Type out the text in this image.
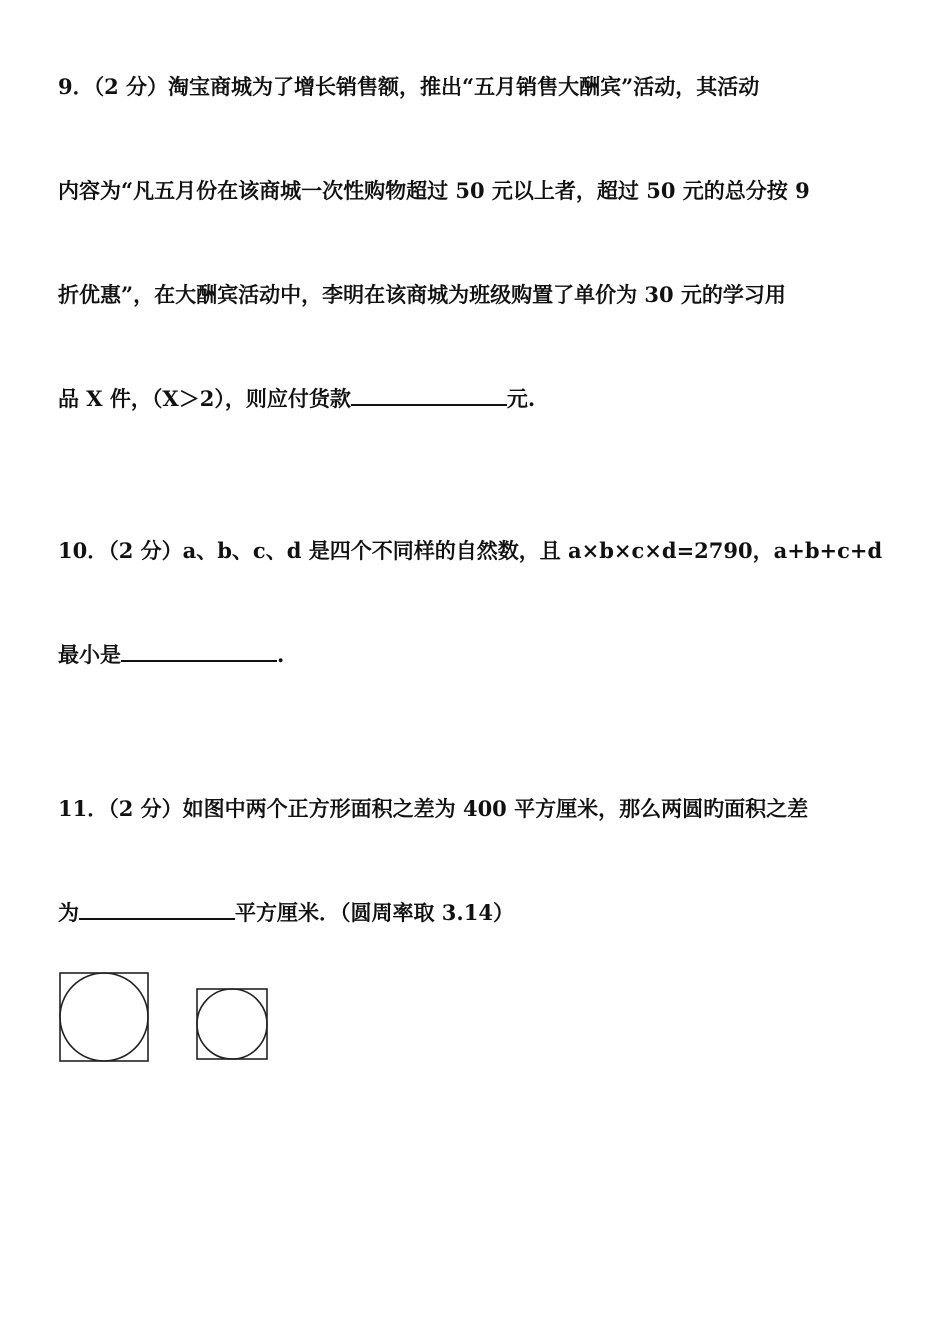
9．（2 分）淘宝商城为了增长销售额，推出“五月销售大酬宾”活动，其活动
内容为“凡五月份在该商城一次性购物超过 50 元以上者，超过 50 元的总分按 9
折优惠”，在大酬宾活动中，李明在该商城为班级购置了单价为 30 元的学习用
品 X 件，（X＞2），则应付货款	元.
10．（2 分）a、b、c、d 是四个不同样的自然数，且 a×b×c×d=2790，a+b+c+d
最小是	.
11．（2 分）如图中两个正方形面积之差为 400 平方厘米，那么两圆旳面积之差
为	平方厘米．（圆周率取 3.14）
